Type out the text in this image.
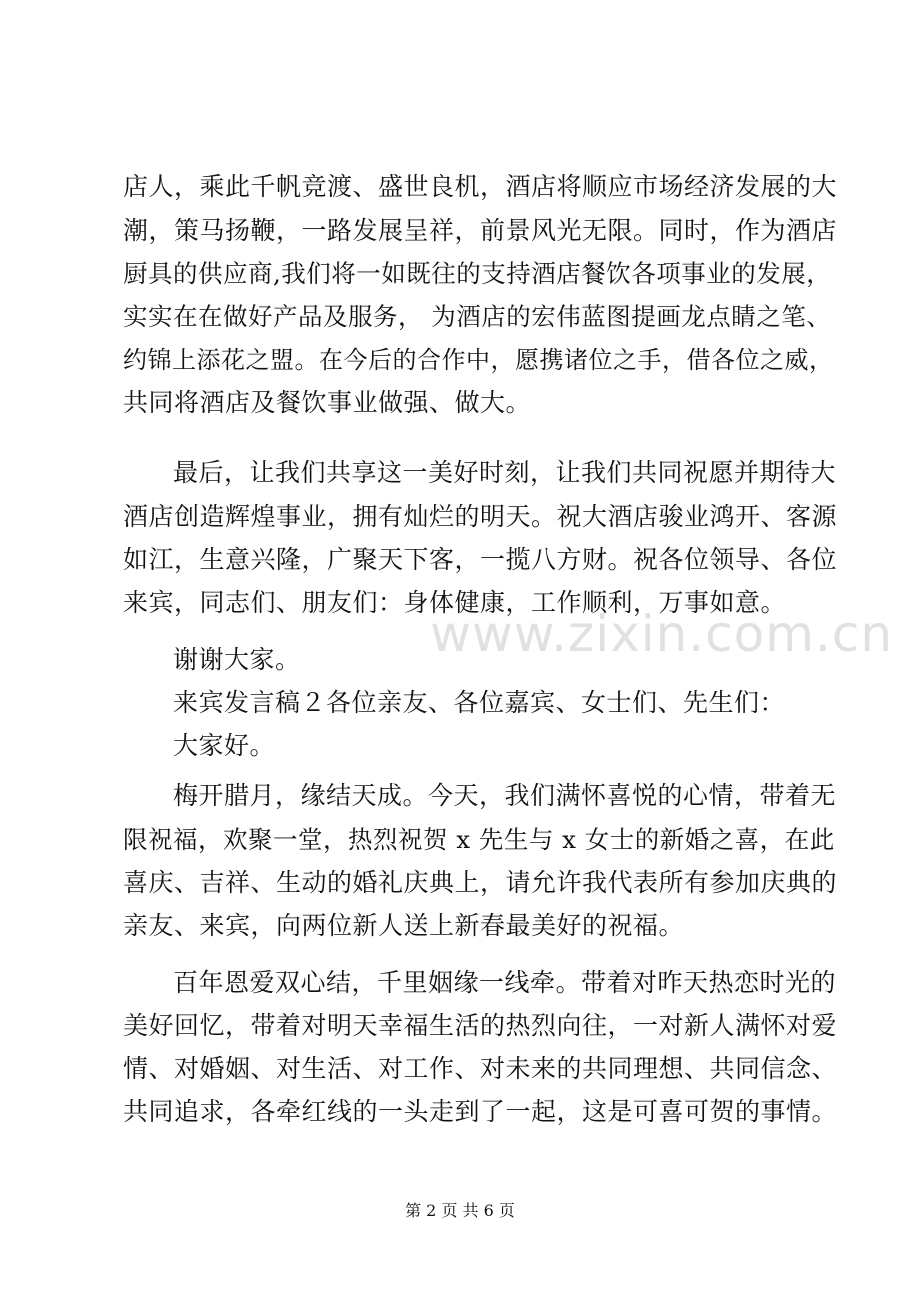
店人，乘此千帆竞渡、盛世良机，酒店将顺应市场经济发展的大
潮，策马扬鞭，一路发展呈祥，前景风光无限。同时，作为酒店
厨具的供应商,我们将一如既往的支持酒店餐饮各项事业的发展，
实实在在做好产品及服务， 为酒店的宏伟蓝图提画龙点睛之笔、
约锦上添花之盟。在今后的合作中，愿携诸位之手，借各位之威，
共同将酒店及餐饮事业做强、做大。
最后，让我们共享这一美好时刻，让我们共同祝愿并期待大
酒店创造辉煌事业，拥有灿烂的明天。祝大酒店骏业鸿开、客源
如江，生意兴隆，广聚天下客，一揽八方财。祝各位领导、各位
来宾，同志们、朋友们：身体健康，工作顺利，万事如意。
谢谢大家。
来宾发言稿２各位亲友、各位嘉宾、女士们、先生们：
大家好。
梅开腊月，缘结天成。今天，我们满怀喜悦的心情，带着无
限祝福，欢聚一堂，热烈祝贺 x 先生与 x 女士的新婚之喜，在此
喜庆、吉祥、生动的婚礼庆典上，请允许我代表所有参加庆典的
亲友、来宾，向两位新人送上新春最美好的祝福。
百年恩爱双心结，千里姻缘一线牵。带着对昨天热恋时光的
美好回忆，带着对明天幸福生活的热烈向往，一对新人满怀对爱
情、对婚姻、对生活、对工作、对未来的共同理想、共同信念、
共同追求，各牵红线的一头走到了一起，这是可喜可贺的事情。
www.zixin.com.cn
第 2 页 共 6 页
